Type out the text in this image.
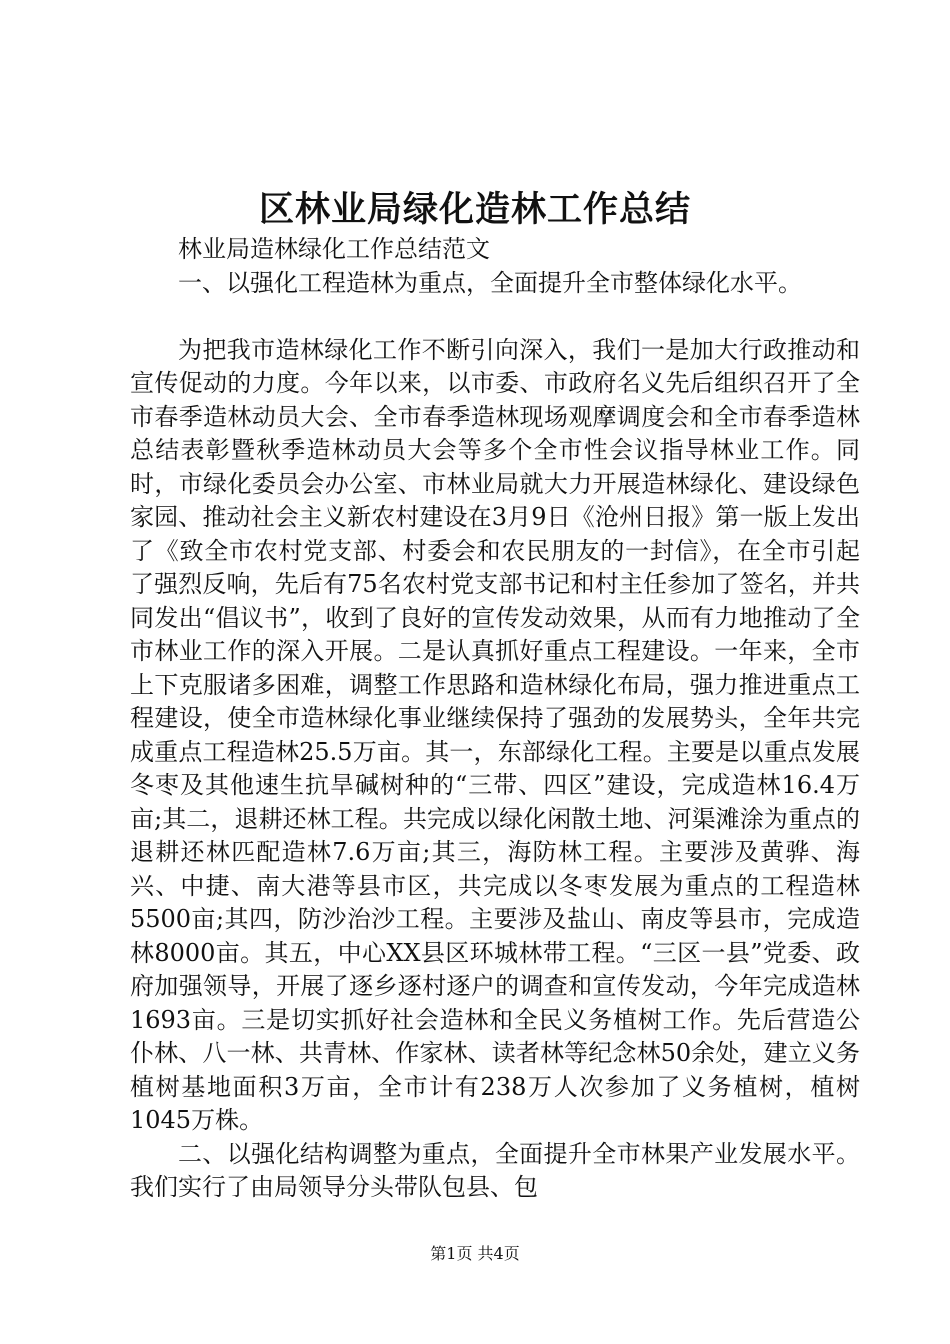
区林业局绿化造林工作总结

林业局造林绿化工作总结范文

一、以强化工程造林为重点，全面提升全市整体绿化水平。

为把我市造林绿化工作不断引向深入，我们一是加大行政推动和宣传促动的力度。今年以来，以市委、市政府名义先后组织召开了全市春季造林动员大会、全市春季造林现场观摩调度会和全市春季造林总结表彰暨秋季造林动员大会等多个全市性会议指导林业工作。同时，市绿化委员会办公室、市林业局就大力开展造林绿化、建设绿色家园、推动社会主义新农村建设在3月9日《沧州日报》第一版上发出了《致全市农村党支部、村委会和农民朋友的一封信》，在全市引起了强烈反响，先后有75名农村党支部书记和村主任参加了签名，并共同发出“倡议书”，收到了良好的宣传发动效果，从而有力地推动了全市林业工作的深入开展。二是认真抓好重点工程建设。一年来，全市上下克服诸多困难，调整工作思路和造林绿化布局，强力推进重点工程建设，使全市造林绿化事业继续保持了强劲的发展势头，全年共完成重点工程造林25.5万亩。其一，东部绿化工程。主要是以重点发展冬枣及其他速生抗旱碱树种的“三带、四区”建设，完成造林16.4万亩;其二，退耕还林工程。共完成以绿化闲散土地、河渠滩涂为重点的退耕还林匹配造林7.6万亩;其三，海防林工程。主要涉及黄骅、海兴、中捷、南大港等县市区，共完成以冬枣发展为重点的工程造林5500亩;其四，防沙治沙工程。主要涉及盐山、南皮等县市，完成造林8000亩。其五，中心XX县区环城林带工程。“三区一县”党委、政府加强领导，开展了逐乡逐村逐户的调查和宣传发动，今年完成造林1693亩。三是切实抓好社会造林和全民义务植树工作。先后营造公仆林、八一林、共青林、作家林、读者林等纪念林50余处，建立义务植树基地面积3万亩，全市计有238万人次参加了义务植树，植树1045万株。

二、以强化结构调整为重点，全面提升全市林果产业发展水平。我们实行了由局领导分头带队包县、包

第1页 共4页
